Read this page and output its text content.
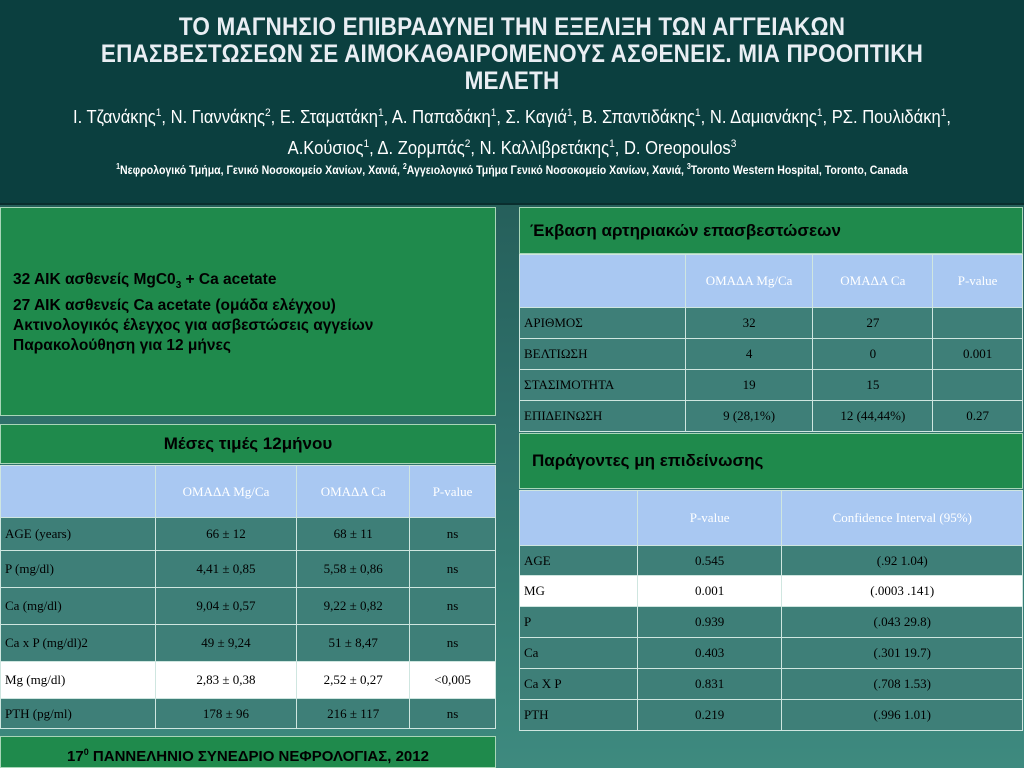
ΤΟ ΜΑΓΝΗΣΙΟ ΕΠΙΒΡΑΔΥΝΕΙ ΤΗΝ ΕΞΕΛΙΞΗ ΤΩΝ ΑΓΓΕΙΑΚΩΝ
ΕΠΑΣΒΕΣΤΩΣΕΩΝ ΣΕ ΑΙΜΟΚΑΘΑΙΡΟΜΕΝΟΥΣ ΑΣΘΕΝΕΙΣ. ΜΙΑ ΠΡΟΟΠΤΙΚΗ
ΜΕΛΕΤΗ
Ι. Τζανάκης$^1$, Ν. Γιαννάκης$^2$, Ε. Σταματάκη$^1$, Α. Παπαδάκη$^1$, Σ. Καγιά$^1$, Β. Σπαντιδάκης$^1$, Ν. Δαμιανάκης$^1$, ΡΣ. Πουλιδάκη$^1$,
Α.Κούσιος$^1$, Δ. Ζορμπάς$^2$, Ν. Καλλιβρετάκης$^1$, D. Oreopoulos$^3$
$^1$Νεφρολογικό Τμήμα, Γενικό Νοσοκομείο Χανίων, Χανιά, $^2$Αγγειολογικό Τμήμα Γενικό Νοσοκομείο Χανίων, Χανιά, $^3$Toronto Western Hospital, Toronto, Canada
32 ΑΙΚ ασθενείς $MgC0_3 + Ca$ acetate
27 ΑΙΚ ασθενείς Ca acetate (ομάδα ελέγχου)
Ακτινολογικός έλεγχος για ασβεστώσεις αγγείων
Παρακολούθηση για 12 μήνες
Μέσες τιμές 12μήνου
	ΟΜΑΔΑ Mg/Ca	ΟΜΑΔΑ Ca	P-value
AGE (years)	66 ± 12	68 ± 11	ns
P (mg/dl)	4,41 ± 0,85	5,58 ± 0,86	ns
Ca (mg/dl)	9,04 ± 0,57	9,22 ± 0,82	ns
Ca x P (mg/dl)2	49 ± 9,24	51 ± 8,47	ns
Mg (mg/dl)	2,83 ± 0,38	2,52 ± 0,27	<0,005
PTH (pg/ml)	178 ± 96	216 ± 117	ns
Έκβαση αρτηριακών επασβεστώσεων
	ΟΜΑΔΑ Mg/Ca	ΟΜΑΔΑ Ca	P-value
ΑΡΙΘΜΟΣ	32	27	
ΒΕΛΤΙΩΣΗ	4	0	0.001
ΣΤΑΣΙΜΟΤΗΤΑ	19	15	
ΕΠΙΔΕΙΝΩΣΗ	9 (28,1%)	12 (44,44%)	0.27
Παράγοντες μη επιδείνωσης
	P-value	Confidence Interval (95%)
AGE	0.545	(.92 1.04)
MG	0.001	(.0003 .141)
P	0.939	(.043 29.8)
Ca	0.403	(.301 19.7)
Ca X P	0.831	(.708 1.53)
PTH	0.219	(.996 1.01)
$17^0$ ΠΑΝΝΕΛΗΝΙΟ ΣΥΝΕΔΡΙΟ ΝΕΦΡΟΛΟΓΙΑΣ, 2012
